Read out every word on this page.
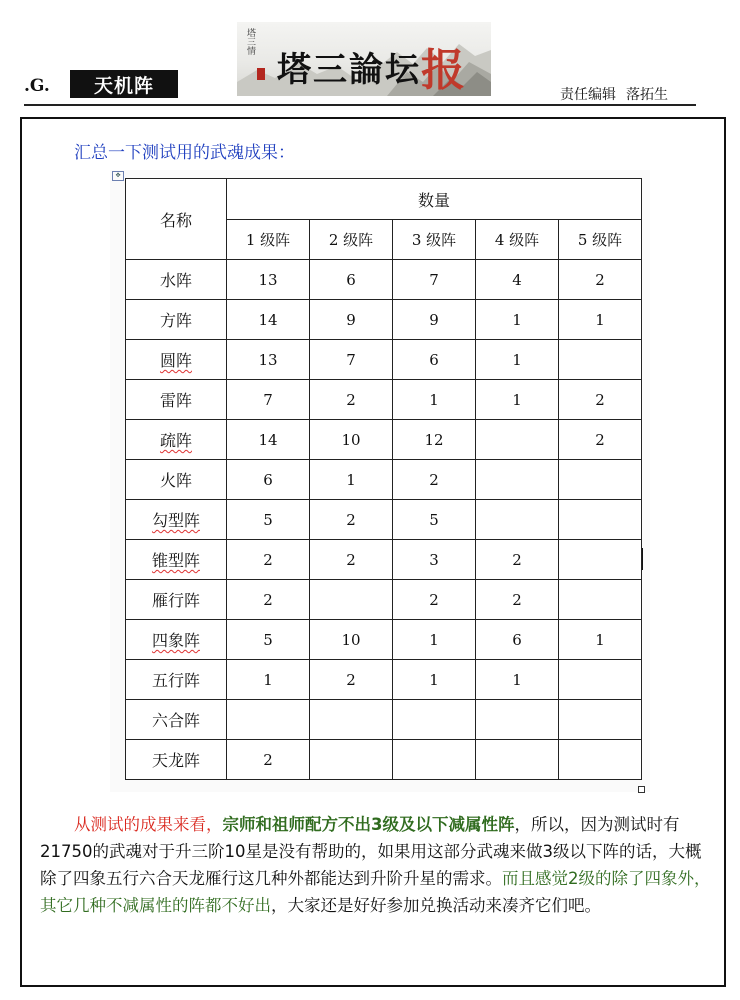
.G.	天机阵
塔三情
塔三論坛报	责任编辑 落拓生
汇总一下测试用的武魂成果：
✥
名称	数量				
	1 级阵	2 级阵	3 级阵	4 级阵	5 级阵
水阵	13	6	7	4	2
方阵	14	9	9	1	1
圆阵	13	7	6	1	
雷阵	7	2	1	1	2
疏阵	14	10	12		2
火阵	6	1	2		
勾型阵	5	2	5		
锥型阵	2	2	3	2	
雁行阵	2		2	2	
四象阵	5	10	1	6	1
五行阵	1	2	1	1	
六合阵					
天龙阵	2				
从测试的成果来看，宗师和祖师配方不出3级及以下减属性阵，所以，因为测试时有21750的武魂对于升三阶10星是没有帮助的，如果用这部分武魂来做3级以下阵的话，大概除了四象五行六合天龙雁行这几种外都能达到升阶升星的需求。而且感觉2级的除了四象外，其它几种不减属性的阵都不好出，大家还是好好参加兑换活动来凑齐它们吧。
